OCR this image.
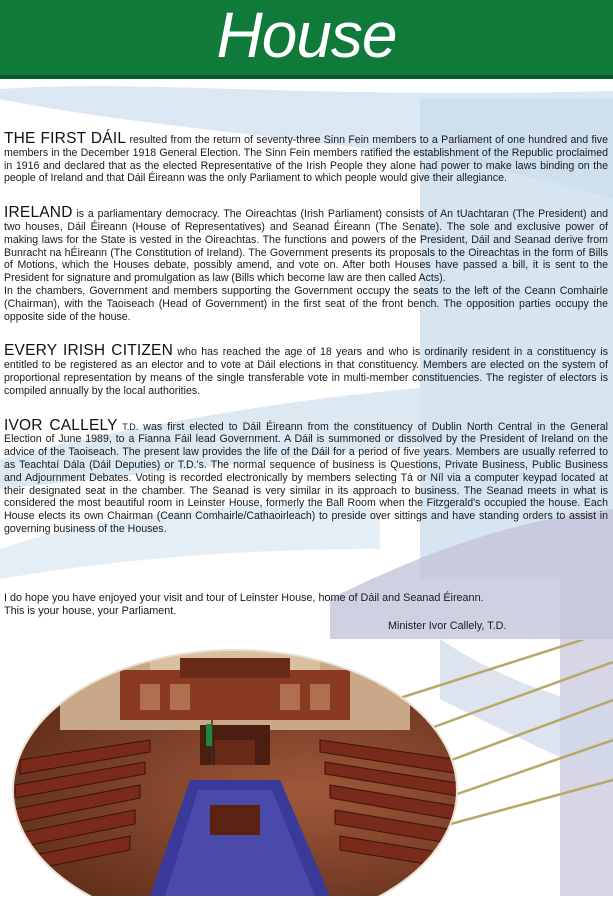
House

THE FIRST DÁIL resulted from the return of seventy-three Sinn Fein members to a Parliament of one hundred and five members in the December 1918 General Election. The Sinn Fein members ratified the establishment of the Republic proclaimed in 1916 and declared that as the elected Representative of the Irish People they alone had power to make laws binding on the people of Ireland and that Dáil Éireann was the only Parliament to which people would give their allegiance.

IRELAND is a parliamentary democracy. The Oireachtas (Irish Parliament) consists of An tUachtaran (The President) and two houses, Dáil Éireann (House of Representatives) and Seanad Éireann (The Senate). The sole and exclusive power of making laws for the State is vested in the Oireachtas. The functions and powers of the President, Dáil and Seanad derive from Bunracht na hÉireann (The Constitution of Ireland). The Government presents its proposals to the Oireachtas in the form of Bills of Motions, which the Houses debate, possibly amend, and vote on. After both Houses have passed a bill, it is sent to the President for signature and promulgation as law (Bills which become law are then called Acts).

In the chambers, Government and members supporting the Government occupy the seats to the left of the Ceann Comhairle (Chairman), with the Taoiseach (Head of Government) in the first seat of the front bench. The opposition parties occupy the opposite side of the house.

EVERY IRISH CITIZEN who has reached the age of 18 years and who is ordinarily resident in a constituency is entitled to be registered as an elector and to vote at Dáil elections in that constituency. Members are elected on the system of proportional representation by means of the single transferable vote in multi-member constituencies. The register of electors is compiled annually by the local authorities.

IVOR CALLELY T.D. was first elected to Dáil Éireann from the constituency of Dublin North Central in the General Election of June 1989, to a Fianna Fáil lead Government. A Dáil is summoned or dissolved by the President of Ireland on the advice of the Taoiseach. The present law provides the life of the Dáil for a period of five years. Members are usually referred to as Teachtaí Dála (Dáil Deputies) or T.D.'s. The normal sequence of business is Questions, Private Business, Public Business and Adjournment Debates. Voting is recorded electronically by members selecting Tá or Níl via a computer keypad located at their designated seat in the chamber. The Seanad is very similar in its approach to business. The Seanad meets in what is considered the most beautiful room in Leinster House, formerly the Ball Room when the Fitzgerald's occupied the house. Each House elects its own Chairman (Ceann Comhairle/Cathaoirleach) to preside over sittings and have standing orders to assist in governing business of the Houses.

I do hope you have enjoyed your visit and tour of Leinster House, home of Dáil and Seanad Éireann.
This is your house, your Parliament.
Minister Ivor Callely, T.D.
